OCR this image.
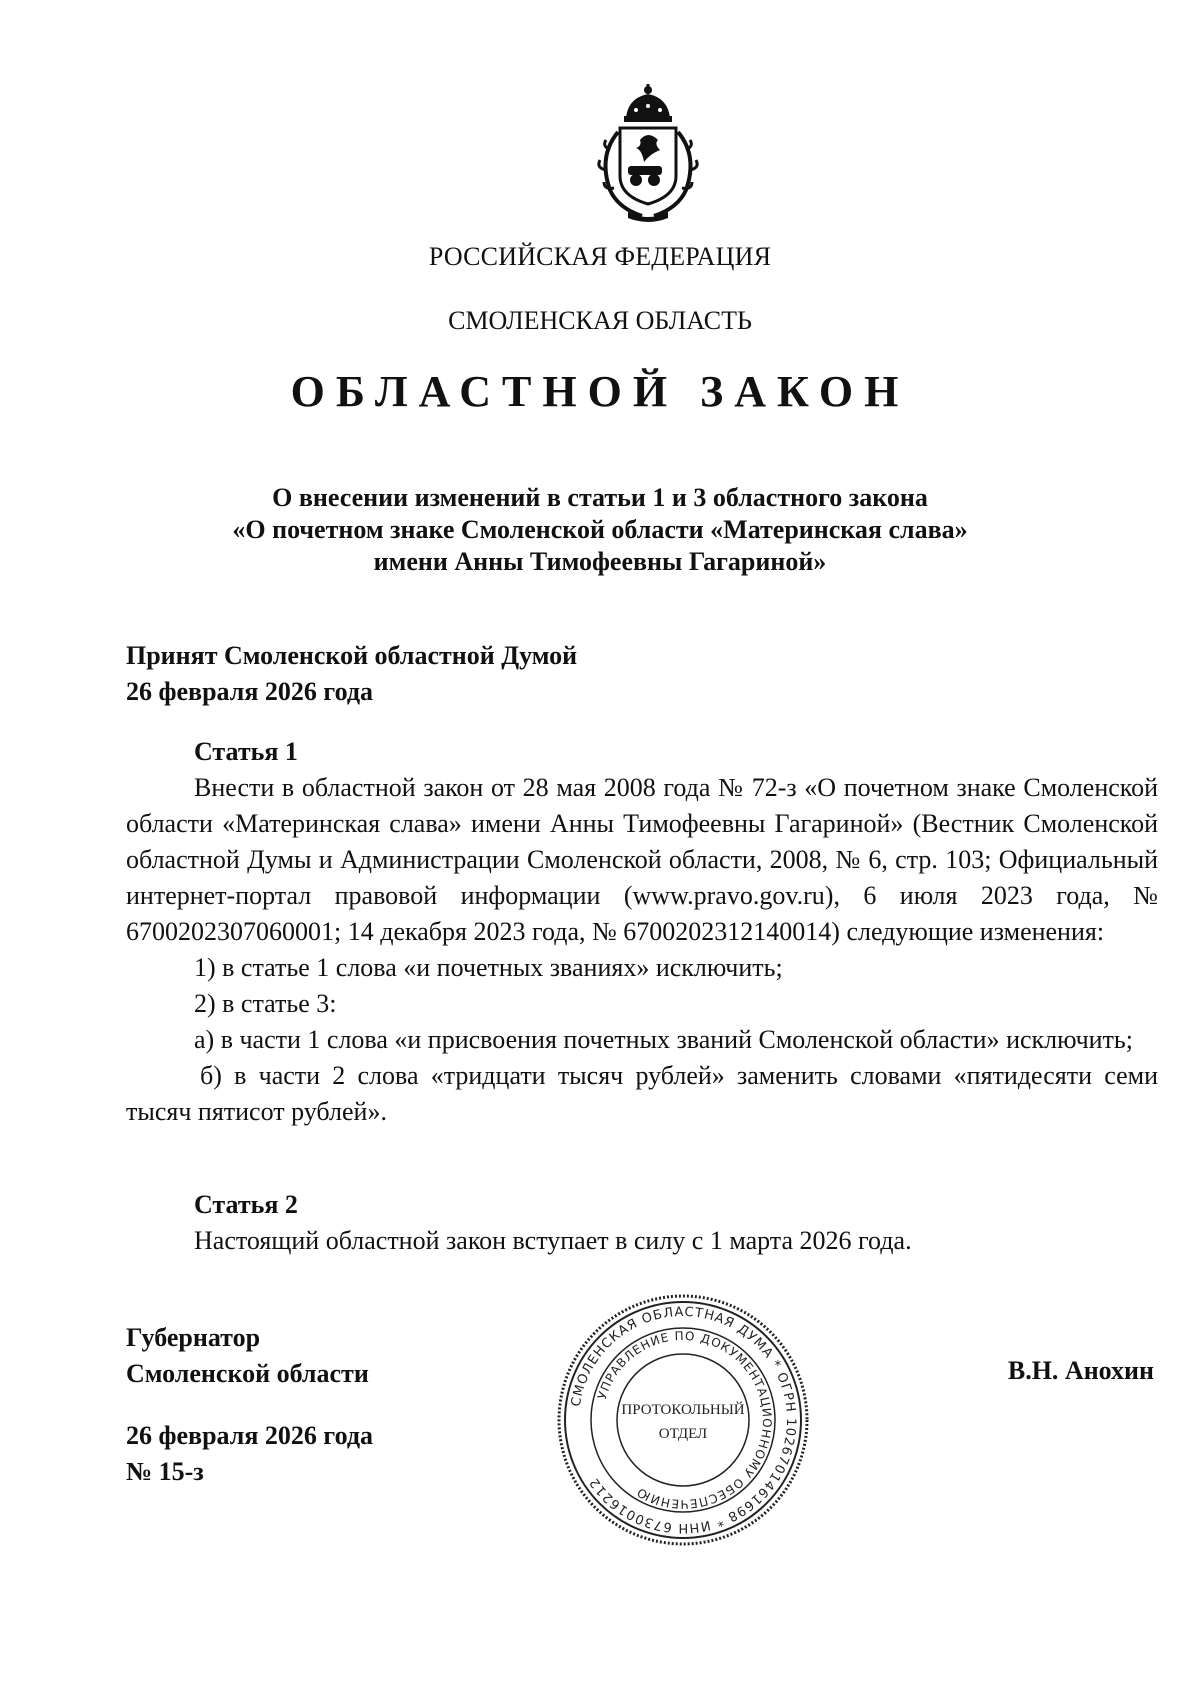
РОССИЙСКАЯ ФЕДЕРАЦИЯ
СМОЛЕНСКАЯ ОБЛАСТЬ
ОБЛАСТНОЙ ЗАКОН
О внесении изменений в статьи 1 и 3 областного закона
«О почетном знаке Смоленской области «Материнская слава»
имени Анны Тимофеевны Гагариной»
Принят Смоленской областной Думой
26 февраля 2026 года
Статья 1
Внести в областной закон от 28 мая 2008 года № 72-з «О почетном знаке Смоленской области «Материнская слава» имени Анны Тимофеевны Гагариной» (Вестник Смоленской областной Думы и Администрации Смоленской области, 2008, № 6, стр. 103; Официальный интернет-портал правовой информации (www.pravo.gov.ru), 6 июля 2023 года, № 6700202307060001; 14 декабря 2023 года, № 6700202312140014) следующие изменения:
1) в статье 1 слова «и почетных званиях» исключить;
2) в статье 3:
а) в части 1 слова «и присвоения почетных званий Смоленской области» исключить;
б) в части 2 слова «тридцати тысяч рублей» заменить словами «пятидесяти семи тысяч пятисот рублей».
Статья 2
Настоящий областной закон вступает в силу с 1 марта 2026 года.
Губернатор
Смоленской области	В.Н. Анохин
26 февраля 2026 года
№ 15-з
СМОЛЕНСКАЯ ОБЛАСТНАЯ ДУМА * ОГРН 1026701461698 * ИНН 6730016212
УПРАВЛЕНИЕ ПО ДОКУМЕНТАЦИОННОМУ ОБЕСПЕЧЕНИЮ
ПРОТОКОЛЬНЫЙ
ОТДЕЛ
